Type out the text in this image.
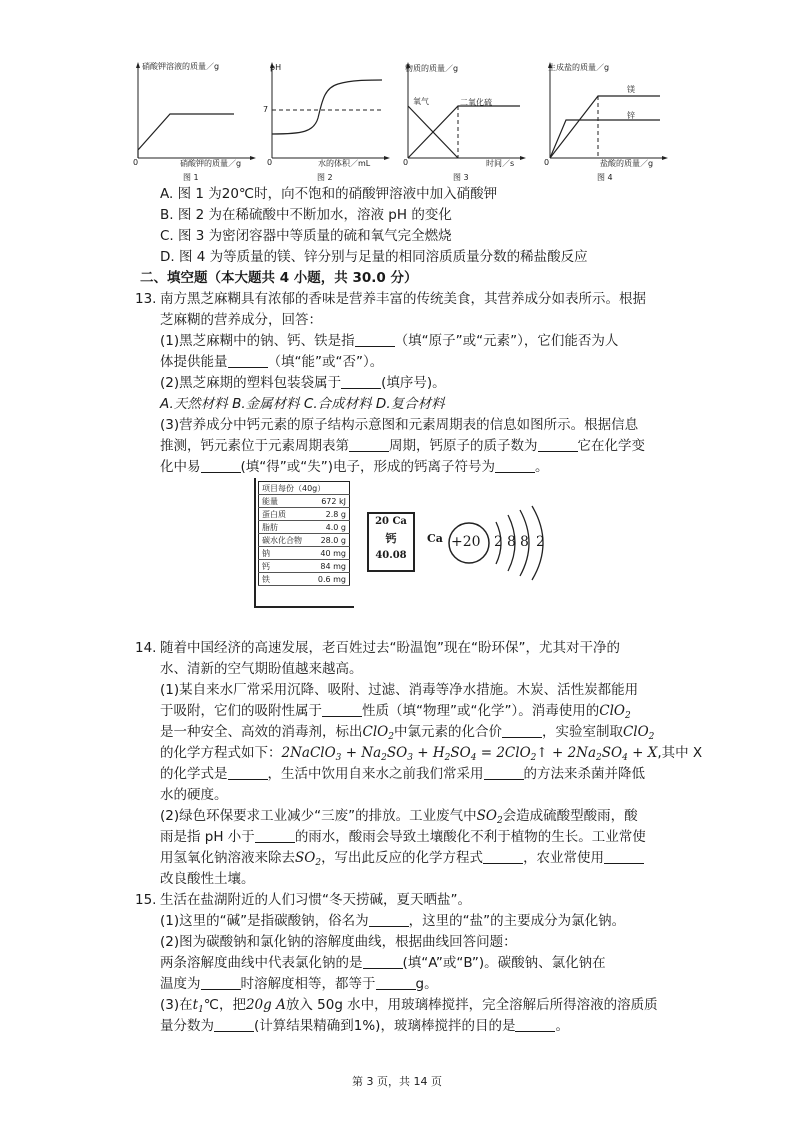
硝酸钾溶液的质量／g
0	硝酸钾的质量／g
图 1
pH
7
0	水的体积／mL
图 2
物质的质量／g
氧气	二氧化硫
0	时间／s
图 3
生成盐的质量／g
镁
锌
0	盐酸的质量／g
图 4
A. 图 1 为20℃时，向不饱和的硝酸钾溶液中加入硝酸钾
B. 图 2 为在稀硫酸中不断加水，溶液 pH 的变化
C. 图 3 为密闭容器中等质量的硫和氧气完全燃烧
D. 图 4 为等质量的镁、锌分别与足量的相同溶质质量分数的稀盐酸反应
二、填空题（本大题共 4 小题，共 30.0 分）
13. 南方黑芝麻糊具有浓郁的香味是营养丰富的传统美食，其营养成分如表所示。根据
芝麻糊的营养成分，回答：
(1)黑芝麻糊中的钠、钙、铁是指	（填“原子”或“元素”），它们能否为人
体提供能量	（填“能”或“否”）。
(2)黑芝麻期的塑料包装袋属于	(填序号)。
A.天然材料 B.金属材料 C.合成材料 D.复合材料
(3)营养成分中钙元素的原子结构示意图和元素周期表的信息如图所示。根据信息
推测，钙元素位于元素周期表第	周期，钙原子的质子数为	它在化学变
化中易	(填“得”或“失”)电子，形成的钙离子符号为	。
项目每份（40g）	
能量	672 kJ
蛋白质	2.8 g
脂肪	4.0 g
碳水化合物	28.0 g
钠	40 mg
钙	84 mg
铁	0.6 mg
20 Ca
钙
40.08
Ca +20 2 8 8 2
14. 随着中国经济的高速发展，老百姓过去“盼温饱”现在“盼环保”，尤其对干净的
水、清新的空气期盼值越来越高。
(1)某自来水厂常采用沉降、吸附、过滤、消毒等净水措施。木炭、活性炭都能用
于吸附，它们的吸附性属于	性质（填“物理”或“化学”）。消毒使用的ClO$_2$
是一种安全、高效的消毒剂，标出ClO$_2$中氯元素的化合价	，实验室制取ClO$_2$
的化学方程式如下：2NaClO$_3$ + $Na_2SO_3 + H_2SO_4$ = 2ClO$_2$↑ + $2Na_2SO_4 + X$,其中 X
的化学式是	，生活中饮用自来水之前我们常采用	的方法来杀菌并降低
水的硬度。
(2)绿色环保要求工业减少“三废”的排放。工业废气中$SO_2$会造成硫酸型酸雨，酸
雨是指 pH 小于	的雨水，酸雨会导致土壤酸化不利于植物的生长。工业常使
用氢氧化钠溶液来除去$SO_2$，写出此反应的化学方程式	，农业常使用
改良酸性土壤。
15. 生活在盐湖附近的人们习惯“冬天捞碱，夏天晒盐”。
(1)这里的“碱”是指碳酸钠，俗名为	，这里的“盐”的主要成分为氯化钠。
(2)图为碳酸钠和氯化钠的溶解度曲线，根据曲线回答问题：
两条溶解度曲线中代表氯化钠的是	(填“A”或“B”)。碳酸钠、氯化钠在
温度为	时溶解度相等，都等于	g。
(3)在$t_1℃$，把20g A放入 50g 水中，用玻璃棒搅拌，完全溶解后所得溶液的溶质质
量分数为	(计算结果精确到1%)，玻璃棒搅拌的目的是	。
第 3 页，共 14 页
